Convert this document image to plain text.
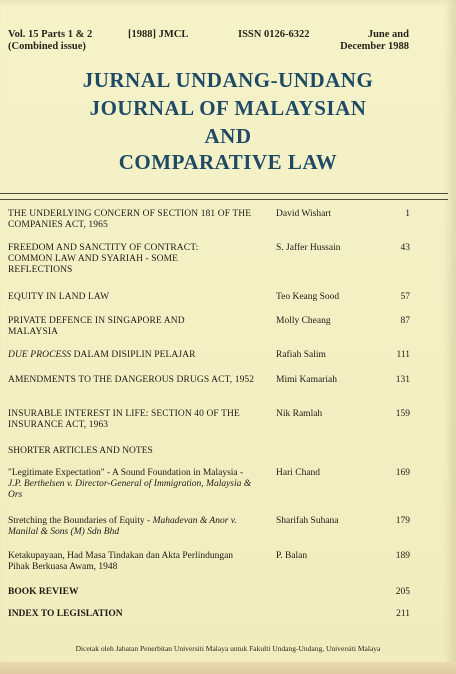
Vol. 15 Parts 1 & 2
(Combined issue)
[1988] JMCL	ISSN 0126-6322	June and
December 1988
JURNAL UNDANG-UNDANG
JOURNAL OF MALAYSIAN
AND
COMPARATIVE LAW
THE UNDERLYING CONCERN OF SECTION 181 OF THE COMPANIES ACT, 1965
David Wishart	1
FREEDOM AND SANCTITY OF CONTRACT: COMMON LAW AND SYARIAH - SOME REFLECTIONS
S. Jaffer Hussain	43
EQUITY IN LAND LAW	Teo Keang Sood	57
PRIVATE DEFENCE IN SINGAPORE AND MALAYSIA
Molly Cheang	87
DUE PROCESS DALAM DISIPLIN PELAJAR	Rafiah Salim	111
AMENDMENTS TO THE DANGEROUS DRUGS ACT, 1952	Mimi Kamariah	131
INSURABLE INTEREST IN LIFE: SECTION 40 OF THE INSURANCE ACT, 1963
Nik Ramlah	159
SHORTER ARTICLES AND NOTES
"Legitimate Expectation" - A Sound Foundation in Malaysia - J.P. Berthelsen v. Director-General of Immigration, Malaysia & Ors
Hari Chand	169
Stretching the Boundaries of Equity - Mahadevan & Anor v. Manilal & Sons (M) Sdn Bhd
Sharifah Suhana	179
Ketakupayaan, Had Masa Tindakan dan Akta Perlindungan Pihak Berkuasa Awam, 1948
P. Balan	189
BOOK REVIEW	205
INDEX TO LEGISLATION	211
Dicetak oleh Jabatan Penerbitan Universiti Malaya untuk Fakulti Undang-Undang, Universiti Malaya
